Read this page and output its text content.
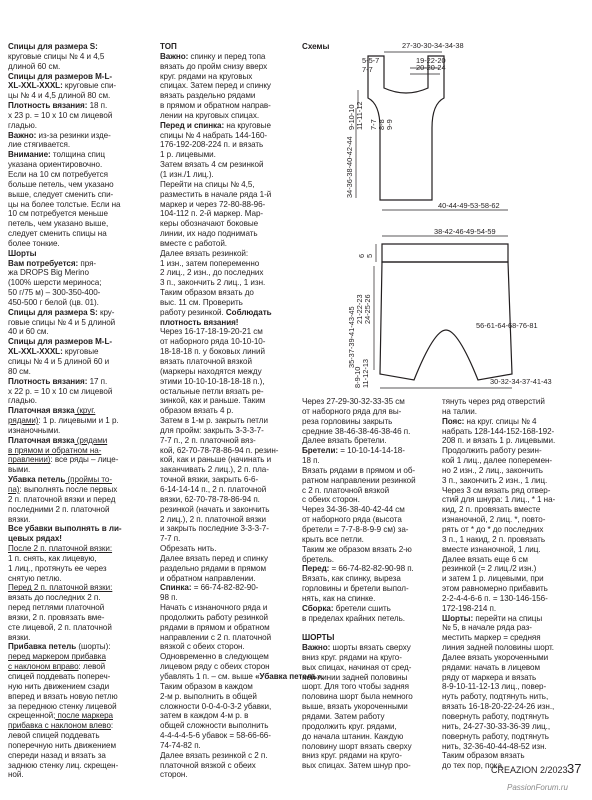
Спицы для размера S:
круговые спицы № 4 и 4,5
длиной 60 см.
Спицы для размеров M-L-
XL-XXL-XXXL: круговые спи-
цы № 4 и 4,5 длиной 80 см.
Плотность вязания: 18 п.
х 23 р. = 10 х 10 см лицевой
гладью.
Важно: из-за резинки изде-
лие стягивается.
Внимание: толщина спиц
указана ориентировочно.
Если на 10 см потребуется
больше петель, чем указано
выше, следует сменить спи-
цы на более толстые. Если на
10 см потребуется меньше
петель, чем указано выше,
следует сменить спицы на
более тонкие.
Шорты
Вам потребуется: пря-
жа DROPS Big Merino
(100% шерсти мериноса;
50 г/75 м) – 300-350-400-
450-500 г белой (цв. 01).
Спицы для размера S: кру-
говые спицы № 4 и 5 длиной
40 и 60 см.
Спицы для размеров M-L-
XL-XXL-XXXL: круговые
спицы № 4 и 5 длиной 60 и
80 см.
Плотность вязания: 17 п.
х 22 р. = 10 х 10 см лицевой
гладью.
Платочная вязка (круг.
рядами): 1 р. лицевыми и 1 р.
изнаночными.
Платочная вязка (рядами
в прямом и обратном на-
правлении): все ряды – лице-
выми.
Убавка петель (проймы то-
па): выполнять после первых
2 п. платочной вязки и перед
последними 2 п. платочной
вязки.
Все убавки выполнять в ли-
цевых рядах!
После 2 п. платочной вязки:
1 п. снять, как лицевую,
1 лиц., протянуть ее через
снятую петлю.
Перед 2 п. платочной вязки:
вязать до последних 2 п.
перед петлями платочной
вязки, 2 п. провязать вме-
сте лицевой, 2 п. платочной
вязки.
Прибавка петель (шорты):
перед маркером прибавка
с наклоном вправо: левой
спицей поддевать попереч-
ную нить движением сзади
вперед и вязать новую петлю
за переднюю стенку лицевой
скрещенной; после маркера
прибавка с наклоном влево:
левой спицей поддевать
поперечную нить движением
спереди назад и вязать за
заднюю стенку лиц. скрещен-
ной.
ТОП
Важно: спинку и перед топа
вязать до пройм снизу вверх
круг. рядами на круговых
спицах. Затем перед и спинку
вязать раздельно рядами
в прямом и обратном направ-
лении на круговых спицах.
Перед и спинка: на круговые
спицы № 4 набрать 144-160-
176-192-208-224 п. и вязать
1 р. лицевыми.
Затем вязать 4 см резинкой
(1 изн./1 лиц.).
Перейти на спицы № 4,5,
разместить в начале ряда 1-й
маркер и через 72-80-88-96-
104-112 п. 2-й маркер. Мар-
керы обозначают боковые
линии, их надо поднимать
вместе с работой.
Далее вязать резинкой:
1 изн., затем попеременно
2 лиц., 2 изн., до последних
3 п., закончить 2 лиц., 1 изн.
Таким образом вязать до
выс. 11 см. Проверить
работу резинкой. Соблюдать
плотность вязания!
Через 16-17-18-19-20-21 см
от наборного ряда 10-10-10-
18-18-18 п. у боковых линий
вязать платочной вязкой
(маркеры находятся между
этими 10-10-10-18-18-18 п.),
остальные петли вязать ре-
зинкой, как и раньше. Таким
образом вязать 4 р.
Затем в 1-м р. закрыть петли
для пройм: закрыть 3-3-3-7-
7-7 п., 2 п. платочной вяз-
кой, 62-70-78-78-86-94 п. резин-
кой, как и раньше (начинать и
заканчивать 2 лиц.), 2 п. пла-
точной вязки, закрыть 6-6-
6-14-14-14 п., 2 п. платочной
вязки, 62-70-78-78-86-94 п.
резинкой (начать и закончить
2 лиц.), 2 п. платочной вязки
и закрыть последние 3-3-3-7-
7-7 п.
Обрезать нить.
Далее вязать перед и спинку
раздельно рядами в прямом
и обратном направлении.
Спинка: = 66-74-82-82-90-
98 п.
Начать с изнаночного ряда и
продолжить работу резинкой
рядами в прямом и обратном
направлении с 2 п. платочной
вязкой с обеих сторон.
Одновременно в следующем
лицевом ряду с обеих сторон
убавлять 1 п. – см. выше «Убавка петель».
Таким образом в каждом
2-м р. выполнить в общей
сложности 0-0-4-0-3-2 убавки,
затем в каждом 4-м р. в
общей сложности выполнить
4-4-4-4-5-6 убавок = 58-66-66-
74-74-82 п.
Далее вязать резинкой с 2 п.
платочной вязкой с обеих
сторон.
Через 27-29-30-32-33-35 см
от наборного ряда для вы-
реза горловины закрыть
средние 38-46-38-46-38-46 п.
Далее вязать бретели.
Бретели: = 10-10-14-14-18-
18 п.
Вязать рядами в прямом и об-
ратном направлении резинкой
с 2 п. платочной вязкой
с обеих сторон.
Через 34-36-38-40-42-44 см
от наборного ряда (высота
бретели = 7-7-8-8-9-9 см) за-
крыть все петли.
Таким же образом вязать 2-ю
бретель.
Перед: = 66-74-82-82-90-98 п.
Вязать, как спинку, выреза
горловины и бретели выпол-
нять, как на спинке.
Сборка: бретели сшить
в пределах крайних петель.
ШОРТЫ
Важно: шорты вязать сверху
вниз круг. рядами на круго-
вых спицах, начиная от сред-
ней линии задней половины
шорт. Для того чтобы задняя
половина шорт была немного
выше, вязать укороченными
рядами. Затем работу
продолжить круг. рядами,
до начала штанин. Каждую
половину шорт вязать сверху
вниз круг. рядами на круго-
вых спицах. Затем шнур про-
тянуть через ряд отверстий
на талии.
Пояс: на круг. спицы № 4
набрать 128-144-152-168-192-
208 п. и вязать 1 р. лицевыми.
Продолжить работу резин-
кой 1 лиц., далее поперемен-
но 2 изн., 2 лиц., закончить
3 п., закончить 2 изн., 1 лиц.
Через 3 см вязать ряд отвер-
стий для шнура: 1 лиц., * 1 на-
кид, 2 п. провязать вместе
изнаночной, 2 лиц. *, повто-
рять от * до * до последних
3 п., 1 накид, 2 п. провязать
вместе изнаночной, 1 лиц.
Далее вязать еще 6 см
резинкой (= 2 лиц./2 изн.)
и затем 1 р. лицевыми, при
этом равномерно прибавить
2-2-4-4-6-6 п. = 130-146-156-
172-198-214 п.
Шорты: перейти на спицы
№ 5, в начале ряда раз-
местить маркер = средняя
линия задней половины шорт.
Далее вязать укороченными
рядами: начать в лицевом
ряду от маркера и вязать
8-9-10-11-12-13 лиц., повер-
нуть работу, подтянуть нить,
вязать 16-18-20-22-24-26 изн.,
повернуть работу, подтянуть
нить, 24-27-30-33-36-39 лиц.,
повернуть работу, подтянуть
нить, 32-36-40-44-48-52 изн.
Таким образом вязать
до тех пор, пока
Схемы	27-30-30-34-34-38
19-22-20
20-20-24
5-5-7
7-7
9-10-10 11-11-12 7-7 8-8 9-9
34-36-38-40-42-44
40-44-49-53-58-62
38-42-46-49-54-59
6 5
35-37-39-41-43-45 21-22-23 24-25-26
56-61-64-68-76-81
8-9-10 11-12-13	30-32-34-37-41-43
CREAZION 2/2023 37
PassionForum.ru
